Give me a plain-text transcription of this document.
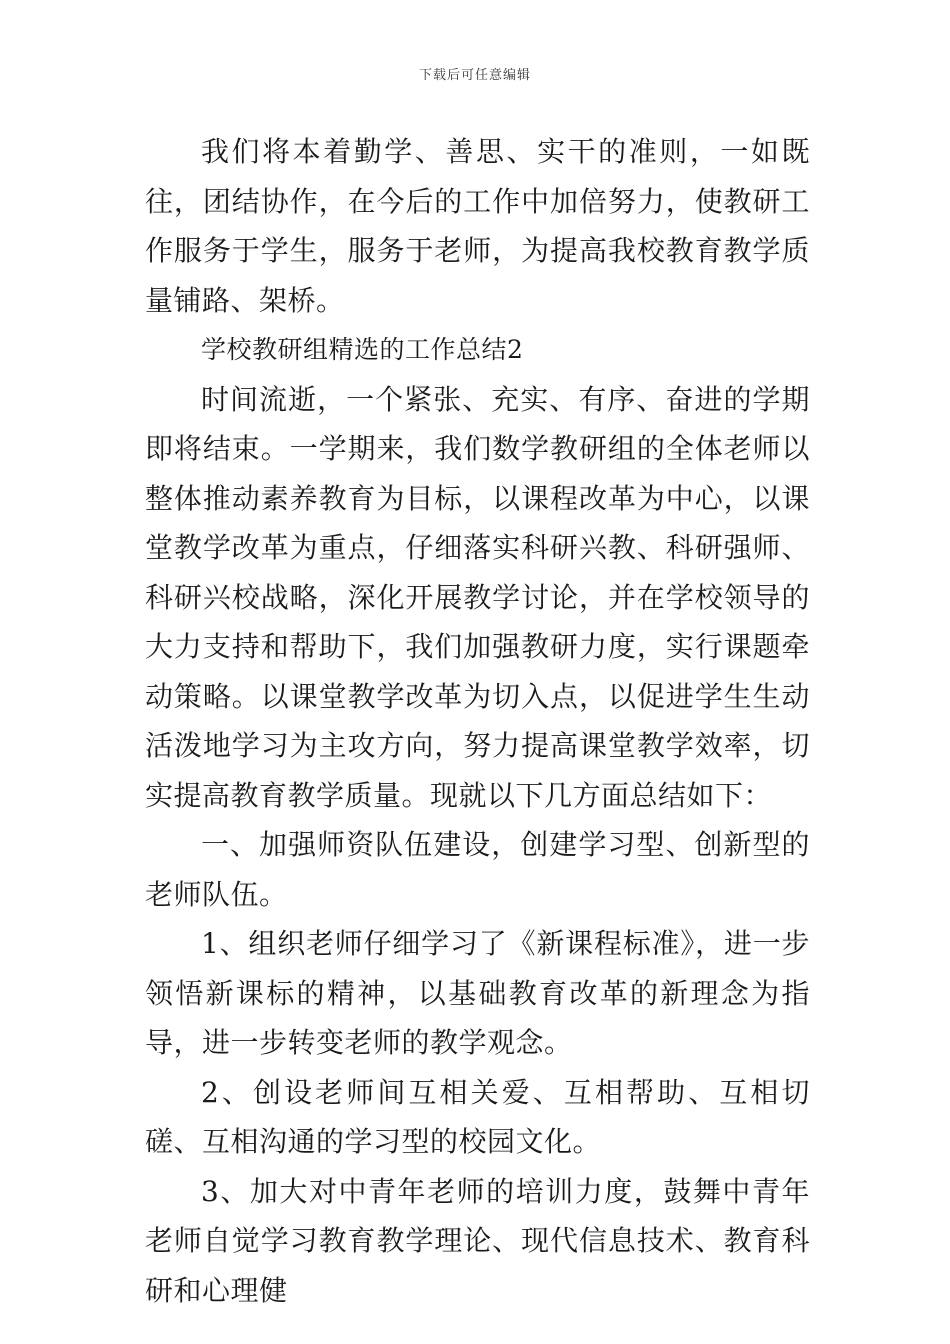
下载后可任意编辑

我们将本着勤学、善思、实干的准则，一如既往，团结协作，在今后的工作中加倍努力，使教研工作服务于学生，服务于老师，为提高我校教育教学质量铺路、架桥。

学校教研组精选的工作总结2

时间流逝，一个紧张、充实、有序、奋进的学期即将结束。一学期来，我们数学教研组的全体老师以整体推动素养教育为目标，以课程改革为中心，以课堂教学改革为重点，仔细落实科研兴教、科研强师、科研兴校战略，深化开展教学讨论，并在学校领导的大力支持和帮助下，我们加强教研力度，实行课题牵动策略。以课堂教学改革为切入点，以促进学生生动活泼地学习为主攻方向，努力提高课堂教学效率，切实提高教育教学质量。现就以下几方面总结如下：

一、加强师资队伍建设，创建学习型、创新型的老师队伍。

1、组织老师仔细学习了《新课程标准》，进一步领悟新课标的精神，以基础教育改革的新理念为指导，进一步转变老师的教学观念。

2、创设老师间互相关爱、互相帮助、互相切磋、互相沟通的学习型的校园文化。

3、加大对中青年老师的培训力度，鼓舞中青年老师自觉学习教育教学理论、现代信息技术、教育科研和心理健
